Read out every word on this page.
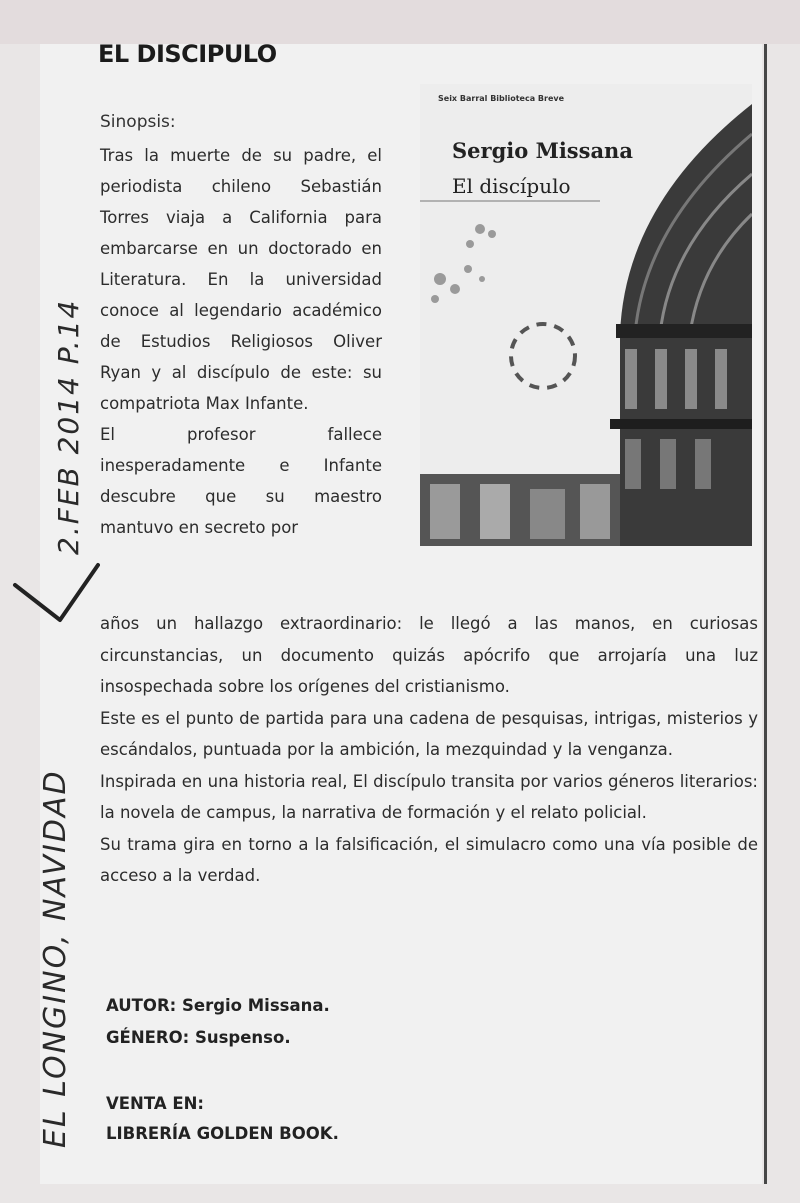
EL DISCIPULO
Sinopsis:

Tras la muerte de su padre, el periodista chileno Sebastián Torres viaja a California para embarcarse en un doctorado en Literatura. En la universidad conoce al legendario académico de Estudios Religiosos Oliver Ryan y al discípulo de este: su compatriota Max Infante.

El profesor fallece inesperadamente e Infante descubre que su maestro mantuvo en secreto por

Seix Barral Biblioteca Breve
Sergio Missana
El discípulo

años un hallazgo extraordinario: le llegó a las manos, en curiosas circunstancias, un documento quizás apócrifo que arrojaría una luz insospechada sobre los orígenes del cristianismo.

Este es el punto de partida para una cadena de pesquisas, intrigas, misterios y escándalos, puntuada por la ambición, la mezquindad y la venganza.

Inspirada en una historia real, El discípulo transita por varios géneros literarios: la novela de campus, la narrativa de formación y el relato policial.

Su trama gira en torno a la falsificación, el simulacro como una vía posible de acceso a la verdad.

AUTOR: Sergio Missana.
GÉNERO: Suspenso.
VENTA EN:
LIBRERÍA GOLDEN BOOK.
EL LONGINO, NAVIDAD
2.FEB 2014 P.14
